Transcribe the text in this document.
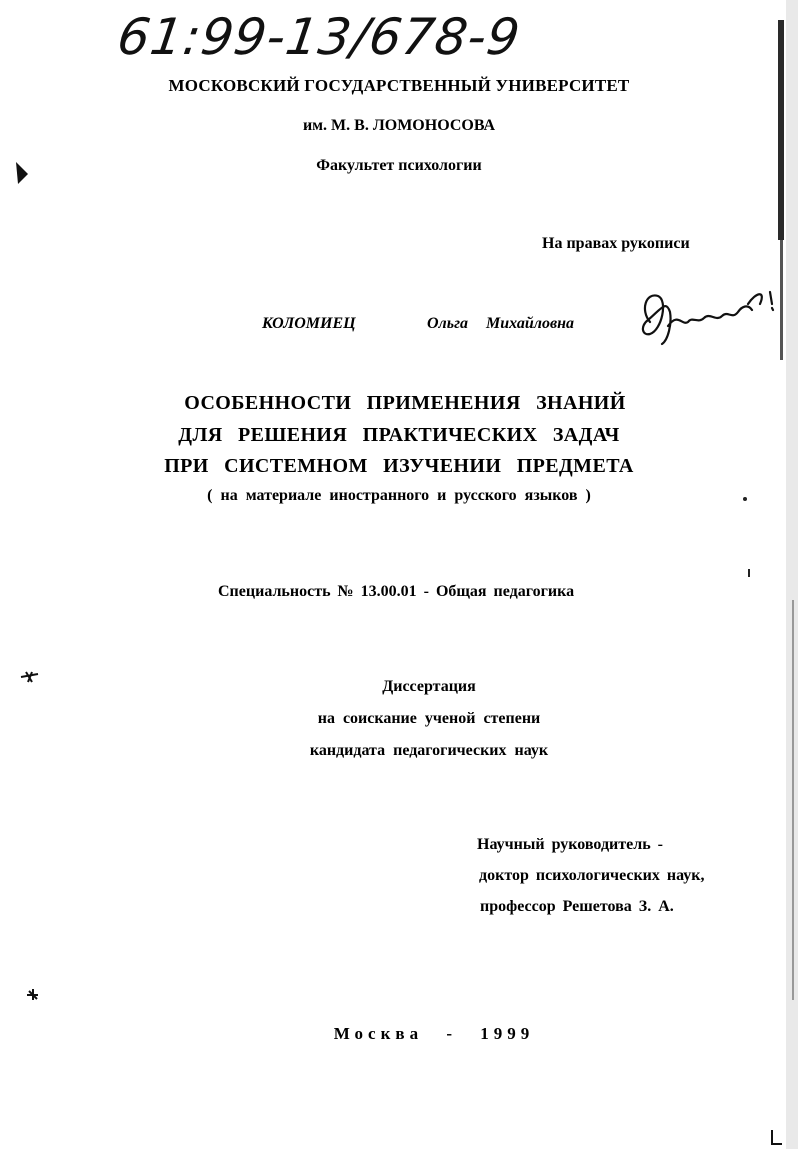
61:99-13/678-9
МОСКОВСКИЙ ГОСУДАРСТВЕННЫЙ УНИВЕРСИТЕТ
им. М. В. ЛОМОНОСОВА
Факультет психологии
На правах рукописи
КОЛОМИЕЦ	Ольга Михайловна
ОСОБЕННОСТИ ПРИМЕНЕНИЯ ЗНАНИЙ
ДЛЯ РЕШЕНИЯ ПРАКТИЧЕСКИХ ЗАДАЧ
ПРИ СИСТЕМНОМ ИЗУЧЕНИИ ПРЕДМЕТА
( на материале иностранного и русского языков )
Специальность № 13.00.01 - Общая педагогика
Диссертация
на соискание ученой степени
кандидата педагогических наук
Научный руководитель -
доктор психологических наук,
профессор Решетова З. А.
Москва - 1999
